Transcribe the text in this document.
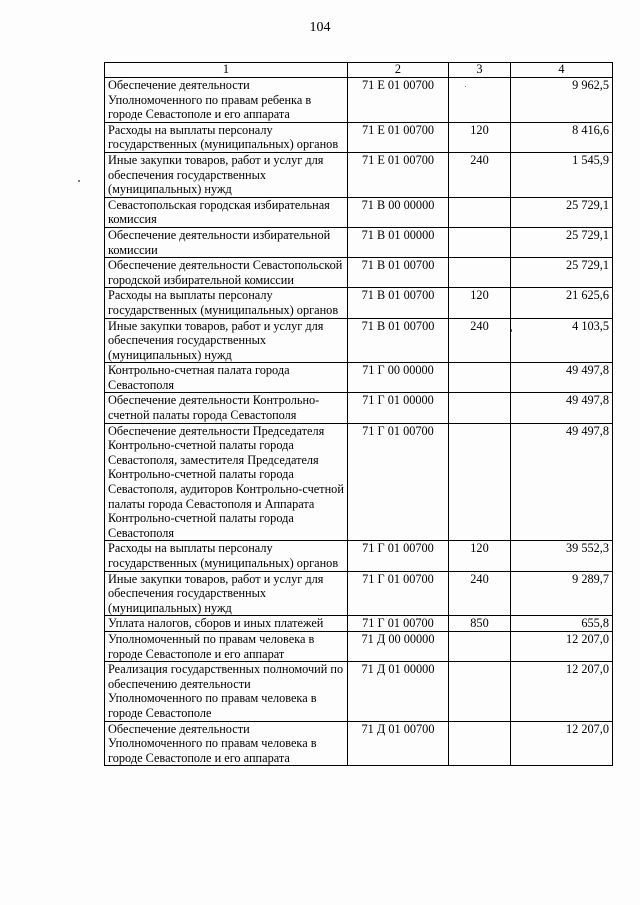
104
1	2	3	4
Обеспечение деятельности Уполномоченного по правам ребенка в городе Севастополе и его аппарата	71 Е 01 00700		9 962,5
Расходы на выплаты персоналу государственных (муниципальных) органов	71 Е 01 00700	120	8 416,6
Иные закупки товаров, работ и услуг для обеспечения государственных (муниципальных) нужд	71 Е 01 00700	240	1 545,9
Севастопольская городская избирательная комиссия	71 В 00 00000		25 729,1
Обеспечение деятельности избирательной комиссии	71 В 01 00000		25 729,1
Обеспечение деятельности Севастопольской городской избирательной комиссии	71 В 01 00700		25 729,1
Расходы на выплаты персоналу государственных (муниципальных) органов	71 В 01 00700	120	21 625,6
Иные закупки товаров, работ и услуг для обеспечения государственных (муниципальных) нужд	71 В 01 00700	240	4 103,5
Контрольно-счетная палата города Севастополя	71 Г 00 00000		49 497,8
Обеспечение деятельности Контрольно-счетной палаты города Севастополя	71 Г 01 00000		49 497,8
Обеспечение деятельности Председателя Контрольно-счетной палаты города Севастополя, заместителя Председателя Контрольно-счетной палаты города Севастополя, аудиторов Контрольно-счетной палаты города Севастополя и Аппарата Контрольно-счетной палаты города Севастополя	71 Г 01 00700		49 497,8
Расходы на выплаты персоналу государственных (муниципальных) органов	71 Г 01 00700	120	39 552,3
Иные закупки товаров, работ и услуг для обеспечения государственных (муниципальных) нужд	71 Г 01 00700	240	9 289,7
Уплата налогов, сборов и иных платежей	71 Г 01 00700	850	655,8
Уполномоченный по правам человека в городе Севастополе и его аппарат	71 Д 00 00000		12 207,0
Реализация государственных полномочий по обеспечению деятельности Уполномоченного по правам человека в городе Севастополе	71 Д 01 00000		12 207,0
Обеспечение деятельности Уполномоченного по правам человека в городе Севастополе и его аппарата	71 Д 01 00700		12 207,0
